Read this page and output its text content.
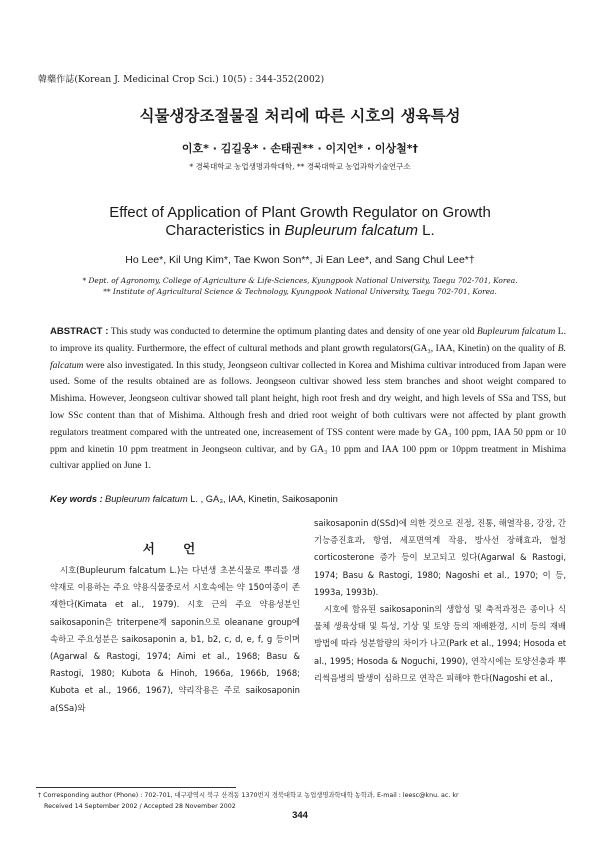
韓藥作誌(Korean J. Medicinal Crop Sci.) 10(5) : 344-352(2002)
식물생장조절물질 처리에 따른 시호의 생육특성
이호* · 김길웅* · 손태권** · 이지언* · 이상철*†
* 경북대학교 농업생명과학대학, ** 경북대학교 농업과학기술연구소
Effect of Application of Plant Growth Regulator on Growth
Characteristics in Bupleurum falcatum L.
Ho Lee*, Kil Ung Kim*, Tae Kwon Son**, Ji Ean Lee*, and Sang Chul Lee*†
* Dept. of Agronomy, College of Agriculture & Life-Sciences, Kyungpook National University, Taegu 702-701, Korea.
** Institute of Agricultural Science & Technology, Kyungpook National University, Taegu 702-701, Korea.
ABSTRACT : This study was conducted to determine the optimum planting dates and density of one year old Bupleurum falcatum L. to improve its quality. Furthermore, the effect of cultural methods and plant growth regulators(GA₃, IAA, Kinetin) on the quality of B. falcatum were also investigated. In this study, Jeongseon cultivar collected in Korea and Mishima cultivar introduced from Japan were used. Some of the results obtained are as follows. Jeongseon cultivar showed less stem branches and shoot weight compared to Mishima. However, Jeongseon cultivar showed tall plant height, high root fresh and dry weight, and high levels of SSa and TSS, but low SSc content than that of Mishima. Although fresh and dried root weight of both cultivars were not affected by plant growth regulators treatment compared with the untreated one, increasement of TSS content were made by GA₃ 100 ppm, IAA 50 ppm or 10 ppm and kinetin 10 ppm treatment in Jeongseon cultivar, and by GA₃ 10 ppm and IAA 100 ppm or 10ppm treatment in Mishima cultivar applied on June 1.
Key words : Bupleurum falcatum L. , GA₃, IAA, Kinetin, Saikosaponin
서 언

시호(Bupleurum falcatum L.)는 다년생 초본식물로 뿌리를 생약재로 이용하는 주요 약용식물중로서 시호속에는 약 150여종이 존재한다(Kimata et al., 1979). 시호 근의 주요 약용성분인 saikosaponin은 triterpene계 saponin으로 oleanane group에 속하고 주요성분은 saikosaponin a, b1, b2, c, d, e, f, g 등이며(Agarwal & Rastogi, 1974; Aimi et al., 1968; Basu & Rastogi, 1980; Kubota & Hinoh, 1966a, 1966b, 1968; Kubota et al., 1966, 1967), 약리작용은 주로 saikosaponin a(SSa)와

saikosaponin d(SSd)에 의한 것으로 진정, 진통, 해열작용, 강장, 간기능증진효과, 항염, 세포면역계 작용, 방사선 장해효과, 혈청 corticosterone 증가 등이 보고되고 있다(Agarwal & Rastogi, 1974; Basu & Rastogi, 1980; Nagoshi et al., 1970; 이 등, 1993a, 1993b).

시호에 함유된 saikosaponin의 생합성 및 축적과정은 종이나 식물체 생육상태 및 특성, 기상 및 토양 등의 재배환경, 시비 등의 재배방법에 따라 성분함량의 차이가 나고(Park et al., 1994; Hosoda et al., 1995; Hosoda & Noguchi, 1990), 연작시에는 토양선충과 뿌리썩음병의 발생이 심하므로 연작은 피해야 한다(Nagoshi et al.,

† Corresponding author (Phone) : 702-701, 대구광역시 북구 산격동 1370번지 경북대학교 농업생명과학대학 농학과, E-mail : leesc@knu. ac. kr
Received 14 September 2002 / Accepted 28 November 2002
344
